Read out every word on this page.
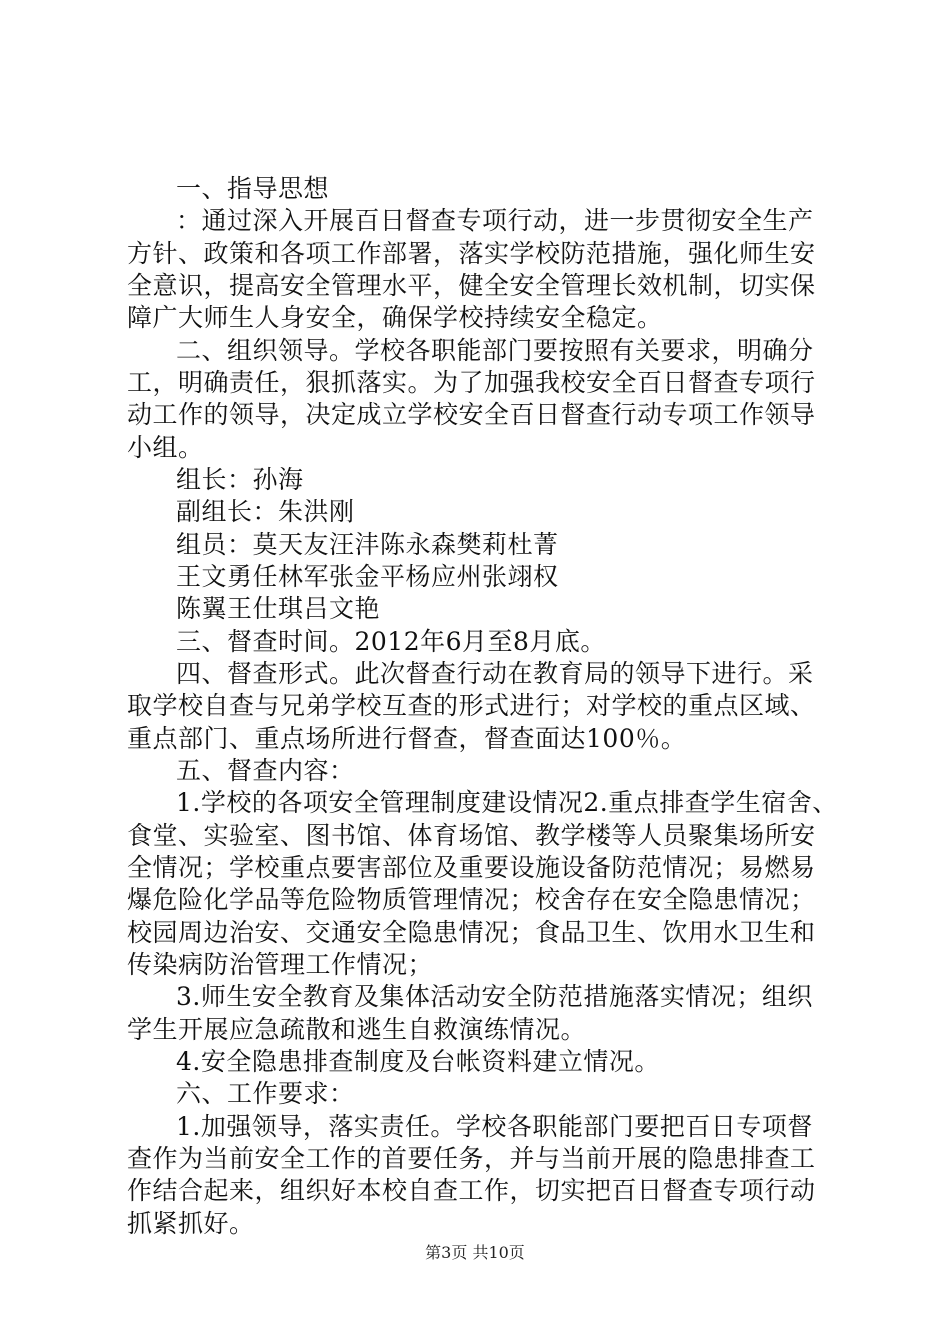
一、指导思想
：通过深入开展百日督查专项行动，进一步贯彻安全生产
方针、政策和各项工作部署，落实学校防范措施，强化师生安
全意识，提高安全管理水平，健全安全管理长效机制，切实保
障广大师生人身安全，确保学校持续安全稳定。
二、组织领导。学校各职能部门要按照有关要求，明确分
工，明确责任，狠抓落实。为了加强我校安全百日督查专项行
动工作的领导，决定成立学校安全百日督查行动专项工作领导
小组。
组长：孙海
副组长：朱洪刚
组员：莫天友汪沣陈永森樊莉杜菁
王文勇任林军张金平杨应州张翊权
陈翼王仕琪吕文艳
三、督查时间。2012年6月至8月底。
四、督查形式。此次督查行动在教育局的领导下进行。采
取学校自查与兄弟学校互查的形式进行；对学校的重点区域、
重点部门、重点场所进行督查，督查面达100％。
五、督查内容：
1.学校的各项安全管理制度建设情况2.重点排查学生宿舍、
食堂、实验室、图书馆、体育场馆、教学楼等人员聚集场所安
全情况；学校重点要害部位及重要设施设备防范情况；易燃易
爆危险化学品等危险物质管理情况；校舍存在安全隐患情况；
校园周边治安、交通安全隐患情况；食品卫生、饮用水卫生和
传染病防治管理工作情况；
3.师生安全教育及集体活动安全防范措施落实情况；组织
学生开展应急疏散和逃生自救演练情况。
4.安全隐患排查制度及台帐资料建立情况。
六、工作要求：
1.加强领导，落实责任。学校各职能部门要把百日专项督
查作为当前安全工作的首要任务，并与当前开展的隐患排查工
作结合起来，组织好本校自查工作，切实把百日督查专项行动
抓紧抓好。
第3页 共10页
